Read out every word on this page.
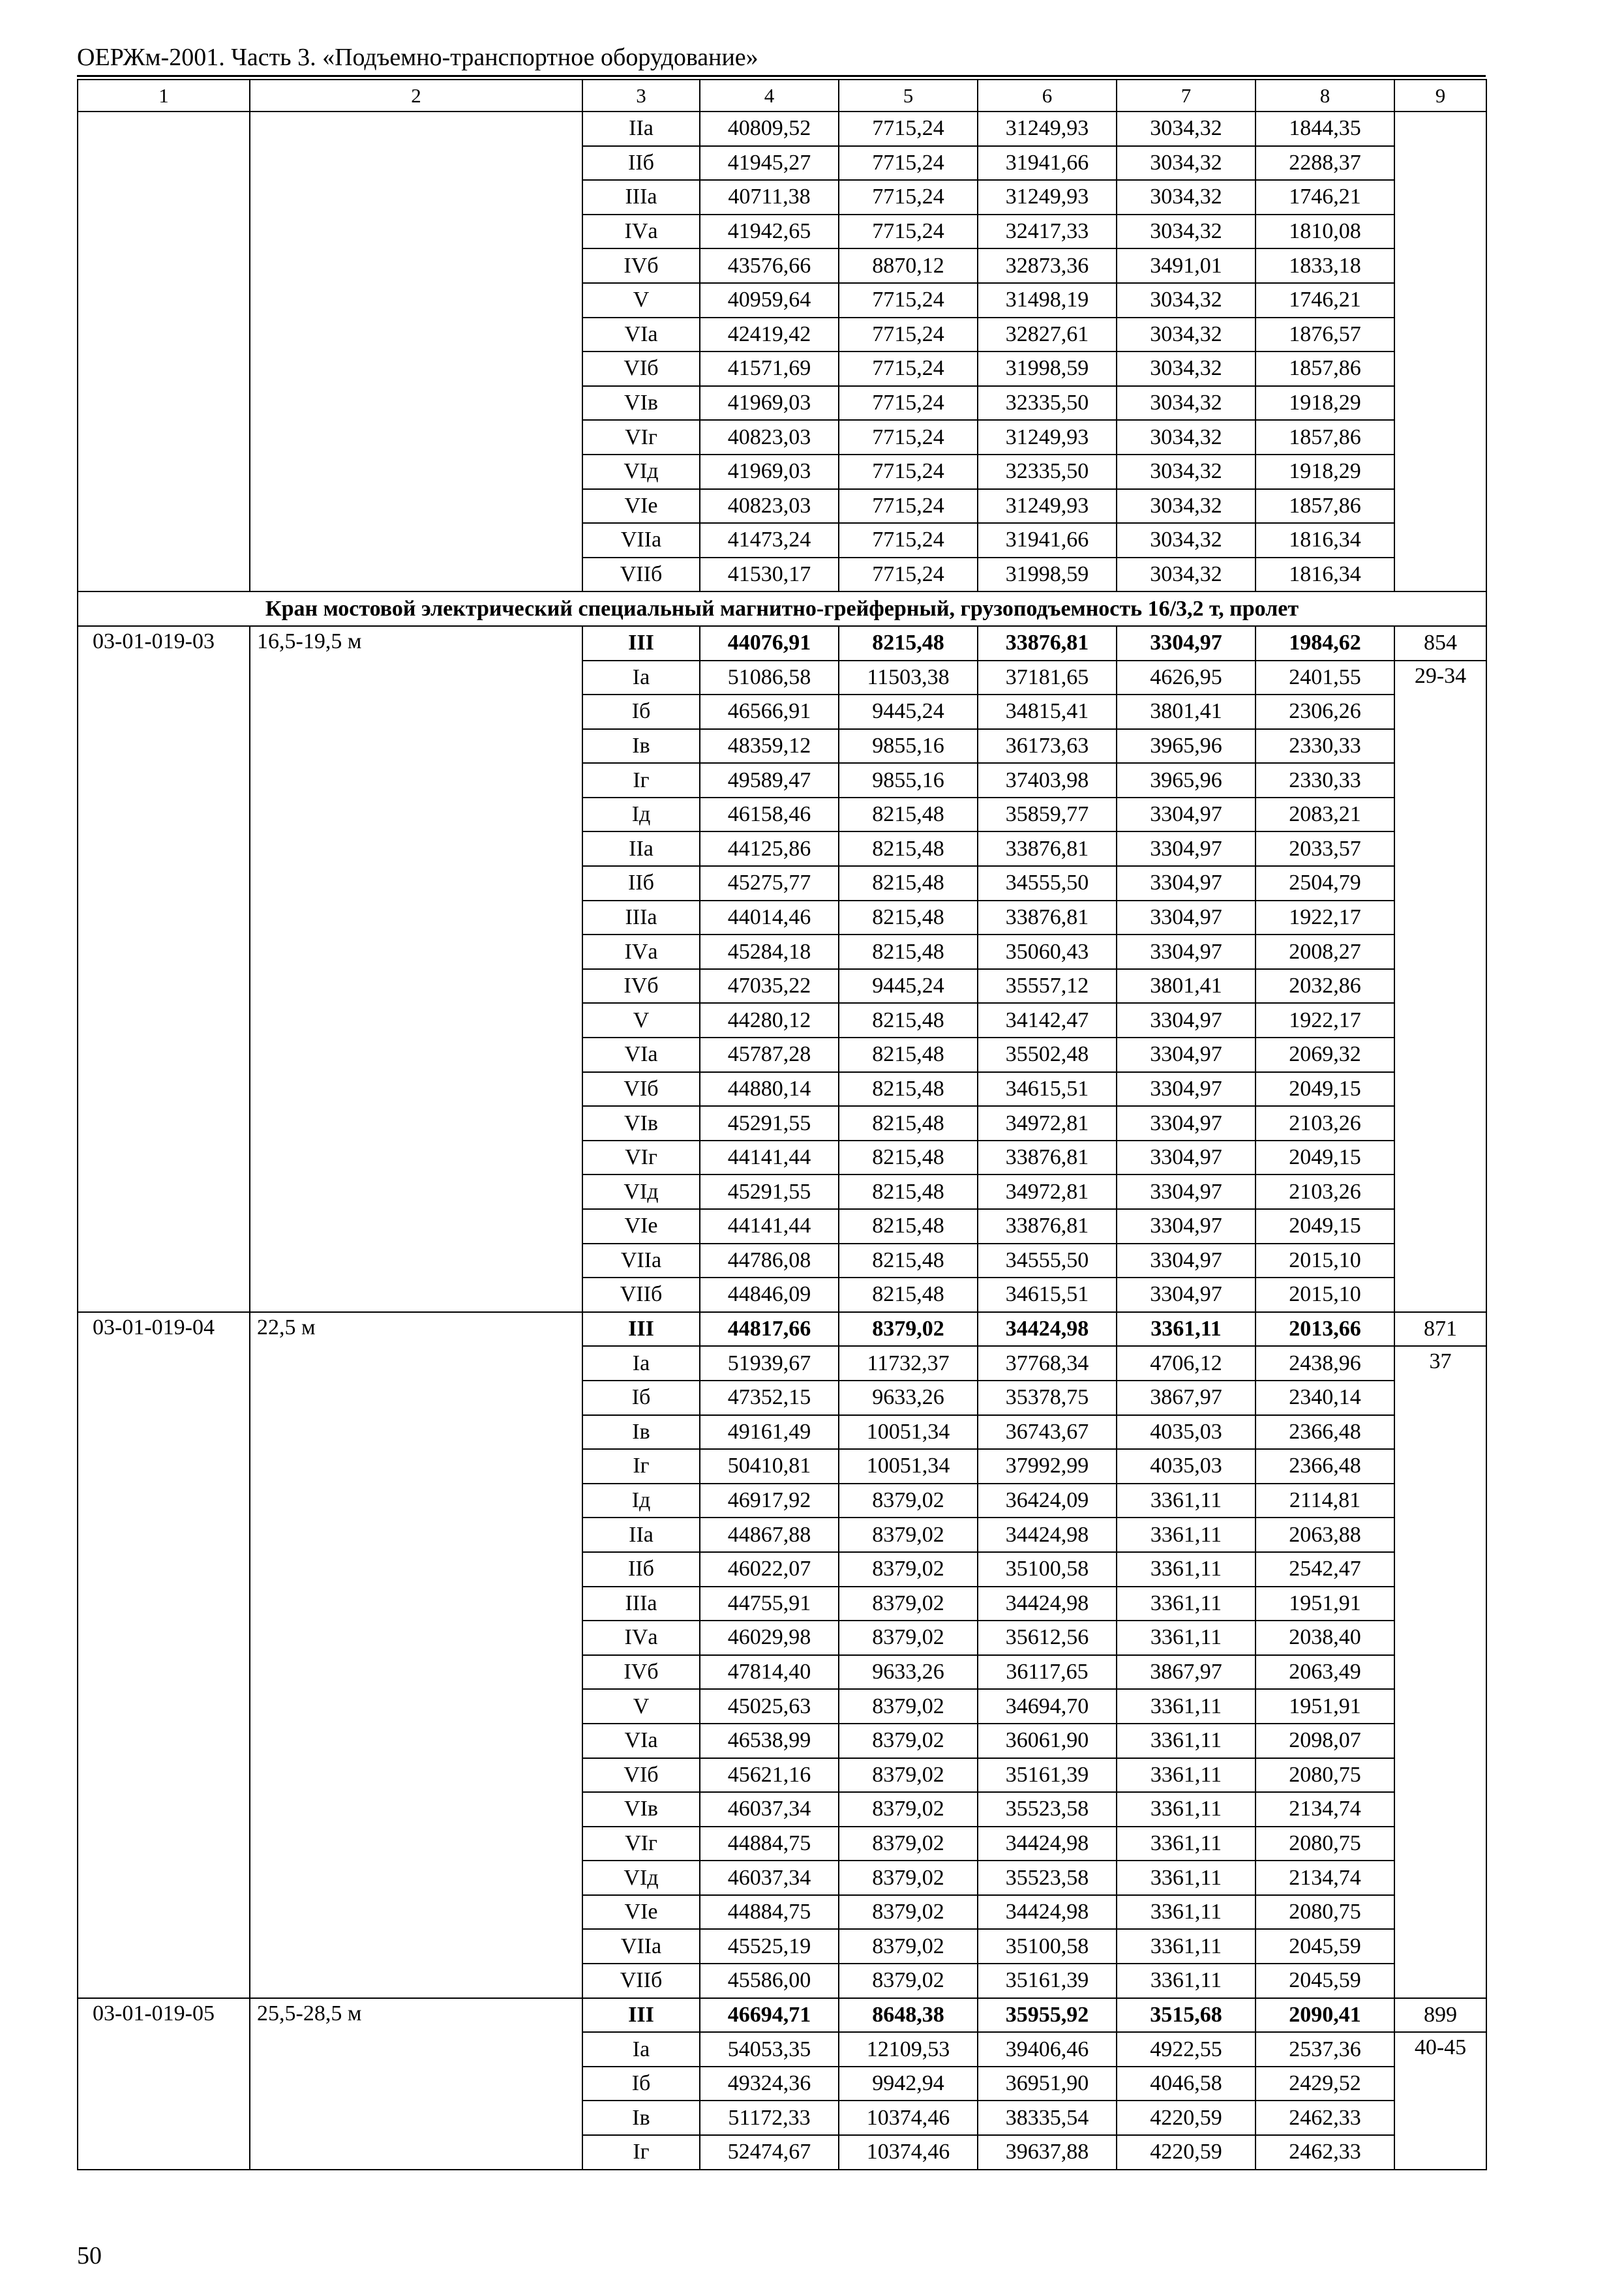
ОЕРЖм-2001. Часть 3. «Подъемно-транспортное оборудование»
1	2	3	4	5	6	7	8	9
		IIа	40809,52	7715,24	31249,93	3034,32	1844,35	
		IIб	41945,27	7715,24	31941,66	3034,32	2288,37	
		IIIа	40711,38	7715,24	31249,93	3034,32	1746,21	
		IVа	41942,65	7715,24	32417,33	3034,32	1810,08	
		IVб	43576,66	8870,12	32873,36	3491,01	1833,18	
		V	40959,64	7715,24	31498,19	3034,32	1746,21	
		VIа	42419,42	7715,24	32827,61	3034,32	1876,57	
		VIб	41571,69	7715,24	31998,59	3034,32	1857,86	
		VIв	41969,03	7715,24	32335,50	3034,32	1918,29	
		VIг	40823,03	7715,24	31249,93	3034,32	1857,86	
		VIд	41969,03	7715,24	32335,50	3034,32	1918,29	
		VIе	40823,03	7715,24	31249,93	3034,32	1857,86	
		VIIа	41473,24	7715,24	31941,66	3034,32	1816,34	
		VIIб	41530,17	7715,24	31998,59	3034,32	1816,34	
Кран мостовой электрический специальный магнитно-грейферный, грузоподъемность 16/3,2 т, пролет								
03-01-019-03	16,5-19,5 м	III	44076,91	8215,48	33876,81	3304,97	1984,62	854
		Iа	51086,58	11503,38	37181,65	4626,95	2401,55	29-34
		Iб	46566,91	9445,24	34815,41	3801,41	2306,26	
		Iв	48359,12	9855,16	36173,63	3965,96	2330,33	
		Iг	49589,47	9855,16	37403,98	3965,96	2330,33	
		Iд	46158,46	8215,48	35859,77	3304,97	2083,21	
		IIа	44125,86	8215,48	33876,81	3304,97	2033,57	
		IIб	45275,77	8215,48	34555,50	3304,97	2504,79	
		IIIа	44014,46	8215,48	33876,81	3304,97	1922,17	
		IVа	45284,18	8215,48	35060,43	3304,97	2008,27	
		IVб	47035,22	9445,24	35557,12	3801,41	2032,86	
		V	44280,12	8215,48	34142,47	3304,97	1922,17	
		VIа	45787,28	8215,48	35502,48	3304,97	2069,32	
		VIб	44880,14	8215,48	34615,51	3304,97	2049,15	
		VIв	45291,55	8215,48	34972,81	3304,97	2103,26	
		VIг	44141,44	8215,48	33876,81	3304,97	2049,15	
		VIд	45291,55	8215,48	34972,81	3304,97	2103,26	
		VIе	44141,44	8215,48	33876,81	3304,97	2049,15	
		VIIа	44786,08	8215,48	34555,50	3304,97	2015,10	
		VIIб	44846,09	8215,48	34615,51	3304,97	2015,10	
03-01-019-04	22,5 м	III	44817,66	8379,02	34424,98	3361,11	2013,66	871
		Iа	51939,67	11732,37	37768,34	4706,12	2438,96	37
		Iб	47352,15	9633,26	35378,75	3867,97	2340,14	
		Iв	49161,49	10051,34	36743,67	4035,03	2366,48	
		Iг	50410,81	10051,34	37992,99	4035,03	2366,48	
		Iд	46917,92	8379,02	36424,09	3361,11	2114,81	
		IIа	44867,88	8379,02	34424,98	3361,11	2063,88	
		IIб	46022,07	8379,02	35100,58	3361,11	2542,47	
		IIIа	44755,91	8379,02	34424,98	3361,11	1951,91	
		IVа	46029,98	8379,02	35612,56	3361,11	2038,40	
		IVб	47814,40	9633,26	36117,65	3867,97	2063,49	
		V	45025,63	8379,02	34694,70	3361,11	1951,91	
		VIа	46538,99	8379,02	36061,90	3361,11	2098,07	
		VIб	45621,16	8379,02	35161,39	3361,11	2080,75	
		VIв	46037,34	8379,02	35523,58	3361,11	2134,74	
		VIг	44884,75	8379,02	34424,98	3361,11	2080,75	
		VIд	46037,34	8379,02	35523,58	3361,11	2134,74	
		VIе	44884,75	8379,02	34424,98	3361,11	2080,75	
		VIIа	45525,19	8379,02	35100,58	3361,11	2045,59	
		VIIб	45586,00	8379,02	35161,39	3361,11	2045,59	
03-01-019-05	25,5-28,5 м	III	46694,71	8648,38	35955,92	3515,68	2090,41	899
		Iа	54053,35	12109,53	39406,46	4922,55	2537,36	40-45
		Iб	49324,36	9942,94	36951,90	4046,58	2429,52	
		Iв	51172,33	10374,46	38335,54	4220,59	2462,33	
		Iг	52474,67	10374,46	39637,88	4220,59	2462,33	
50
